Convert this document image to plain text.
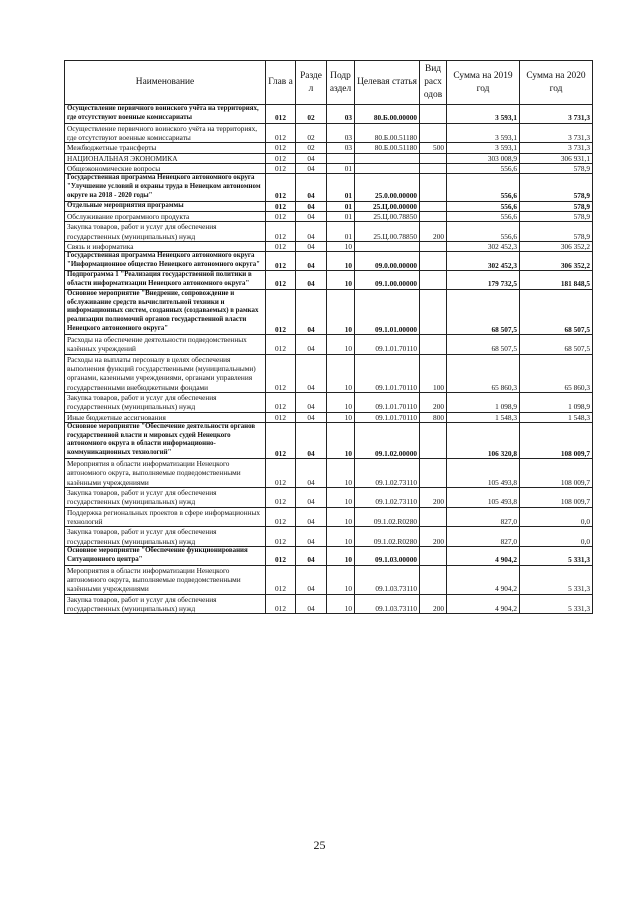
Наименование	Глав а	Разде л	Подр аздел	Целевая статья	Вид расх одов	Сумма на 2019 год	Сумма на 2020 год
Осуществление первичного воинского учёта на территориях, где отсутствуют военные комиссариаты	012	02	03	80.Б.00.00000		3 593,1	3 731,3
Осуществление первичного воинского учёта на территориях, где отсутствуют военные комиссариаты	012	02	03	80.Б.00.51180		3 593,1	3 731,3
Межбюджетные трансферты	012	02	03	80.Б.00.51180	500	3 593,1	3 731,3
НАЦИОНАЛЬНАЯ ЭКОНОМИКА	012	04				303 008,9	306 931,1
Общеэкономические вопросы	012	04	01			556,6	578,9
Государственная программа Ненецкого автономного округа "Улучшение условий и охраны труда в Ненецком автономном округе на 2018 - 2020 годы"	012	04	01	25.0.00.00000		556,6	578,9
Отдельные мероприятия программы	012	04	01	25.Ц.00.00000		556,6	578,9
Обслуживание программного продукта	012	04	01	25.Ц.00.78850		556,6	578,9
Закупка товаров, работ и услуг для обеспечения государственных (муниципальных) нужд	012	04	01	25.Ц.00.78850	200	556,6	578,9
Связь и информатика	012	04	10			302 452,3	306 352,2
Государственная программа Ненецкого автономного округа "Информационное общество Ненецкого автономного округа"	012	04	10	09.0.00.00000		302 452,3	306 352,2
Подпрограмма 1 "Реализация государственной политики в области информатизации Ненецкого автономного округа"	012	04	10	09.1.00.00000		179 732,5	181 848,5
Основное мероприятие "Внедрение, сопровождение и обслуживание средств вычислительной техники и информационных систем, созданных (создаваемых) в рамках реализации полномочий органов государственной власти Ненецкого автономного округа"	012	04	10	09.1.01.00000		68 507,5	68 507,5
Расходы на обеспечение деятельности подведомственных казённых учреждений	012	04	10	09.1.01.70110		68 507,5	68 507,5
Расходы на выплаты персоналу в целях обеспечения выполнения функций государственными (муниципальными) органами, казенными учреждениями, органами управления государственными внебюджетными фондами	012	04	10	09.1.01.70110	100	65 860,3	65 860,3
Закупка товаров, работ и услуг для обеспечения государственных (муниципальных) нужд	012	04	10	09.1.01.70110	200	1 098,9	1 098,9
Иные бюджетные ассигнования	012	04	10	09.1.01.70110	800	1 548,3	1 548,3
Основное мероприятие "Обеспечение деятельности органов государственной власти и мировых судей Ненецкого автономного округа в области информационно-коммуникационных технологий"	012	04	10	09.1.02.00000		106 320,8	108 009,7
Мероприятия в области информатизации Ненецкого автономного округа, выполняемые подведомственными казёнными учреждениями	012	04	10	09.1.02.73110		105 493,8	108 009,7
Закупка товаров, работ и услуг для обеспечения государственных (муниципальных) нужд	012	04	10	09.1.02.73110	200	105 493,8	108 009,7
Поддержка региональных проектов в сфере информационных технологий	012	04	10	09.1.02.R0280		827,0	0,0
Закупка товаров, работ и услуг для обеспечения государственных (муниципальных) нужд	012	04	10	09.1.02.R0280	200	827,0	0,0
Основное мероприятие "Обеспечение функционирования Ситуационного центра"	012	04	10	09.1.03.00000		4 904,2	5 331,3
Мероприятия в области информатизации Ненецкого автономного округа, выполняемые подведомственными казёнными учреждениями	012	04	10	09.1.03.73110		4 904,2	5 331,3
Закупка товаров, работ и услуг для обеспечения государственных (муниципальных) нужд	012	04	10	09.1.03.73110	200	4 904,2	5 331,3
25
